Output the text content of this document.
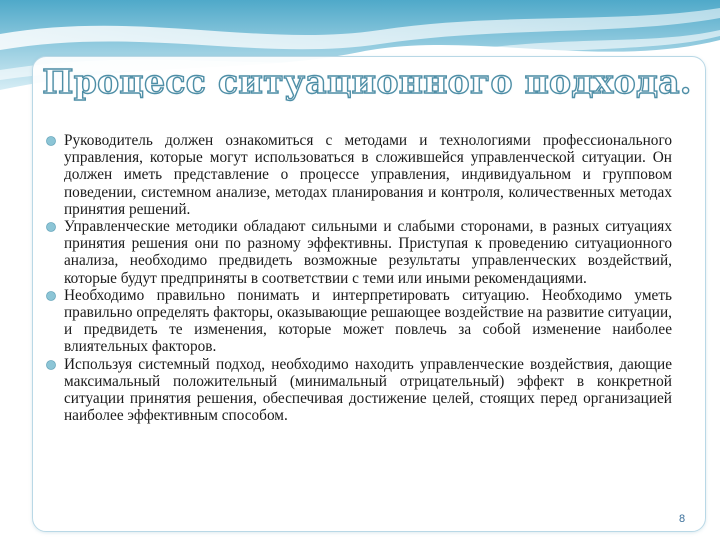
Процесс ситуационного подхода.
Руководитель должен ознакомиться с методами и технологиями профессионального управления, которые могут использоваться в сложившейся управленческой ситуации. Он должен иметь представление о процессе управления, индивидуальном и групповом поведении, системном анализе, методах планирования и контроля, количественных методах принятия решений.
Управленческие методики обладают сильными и слабыми сторонами, в разных ситуациях принятия решения они по разному эффективны. Приступая к проведению ситуационного анализа, необходимо предвидеть возможные результаты управленческих воздействий, которые будут предприняты в соответствии с теми или иными рекомендациями.
Необходимо правильно понимать и интерпретировать ситуацию. Необходимо уметь правильно определять факторы, оказывающие решающее воздействие на развитие ситуации, и предвидеть те изменения, которые может повлечь за собой изменение наиболее влиятельных факторов.
Используя системный подход, необходимо находить управленческие воздействия, дающие максимальный положительный (минимальный отрицательный) эффект в конкретной ситуации принятия решения, обеспечивая достижение целей, стоящих перед организацией наиболее эффективным способом.
8
